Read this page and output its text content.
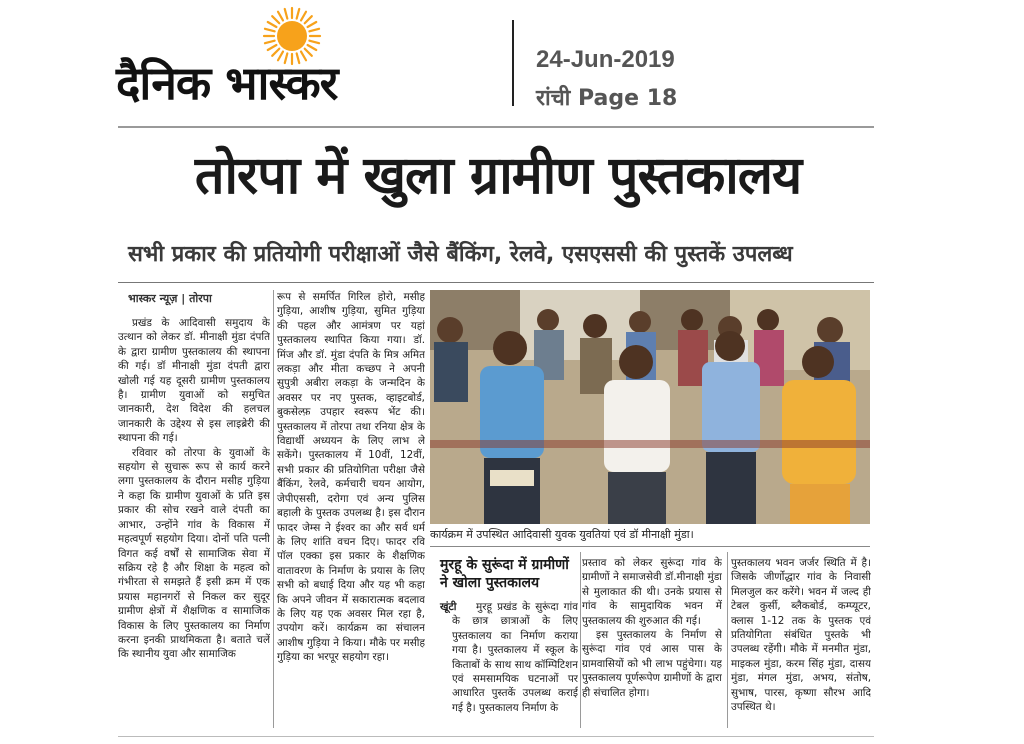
दैनिक भास्कर	24-Jun-2019
रांची Page 18
तोरपा में खुला ग्रामीण पुस्तकालय
सभी प्रकार की प्रतियोगी परीक्षाओं जैसे बैंकिंग, रेलवे, एसएससी की पुस्तकें उपलब्ध
भास्कर न्यूज़ | तोरपा

प्रखंड के आदिवासी समुदाय के उत्थान को लेकर डॉ. मीनाक्षी मुंडा दंपति के द्वारा ग्रामीण पुस्तकालय की स्थापना की गई। डॉ मीनाक्षी मुंडा दंपती द्वारा खोली गई यह दूसरी ग्रामीण पुस्तकालय है। ग्रामीण युवाओं को समुचित जानकारी, देश विदेश की हलचल जानकारी के उद्देश्य से इस लाइब्रेरी की स्थापना की गई।

रविवार को तोरपा के युवाओं के सहयोग से सुचारू रूप से कार्य करने लगा पुस्तकालय के दौरान मसीह गुड़िया ने कहा कि ग्रामीण युवाओं के प्रति इस प्रकार की सोच रखने वाले दंपती का आभार, उन्होंने गांव के विकास में महत्वपूर्ण सहयोग दिया। दोनों पति पत्नी विगत कई वर्षों से सामाजिक सेवा में सक्रिय रहे है और शिक्षा के महत्व को गंभीरता से समझते हैं इसी क्रम में एक प्रयास महानगरों से निकल कर सुदूर ग्रामीण क्षेत्रों में शैक्षणिक व सामाजिक विकास के लिए पुस्तकालय का निर्माण करना इनकी प्राथमिकता है। बताते चलें कि स्थानीय युवा और सामाजिक

रूप से समर्पित गिरिल होरो, मसीह गुड़िया, आशीष गुड़िया, सुमित गुड़िया की पहल और आमंत्रण पर यहां पुस्तकालय स्थापित किया गया। डॉ. मिंज और डॉ. मुंडा दंपति के मित्र अमित लकड़ा और मीता कच्छप ने अपनी सुपुत्री अबीरा लकड़ा के जन्मदिन के अवसर पर नए पुस्तक, व्हाइटबोर्ड, बुकसेल्फ़ उपहार स्वरूप भेंट की। पुस्तकालय में तोरपा तथा रनिया क्षेत्र के विद्यार्थी अध्ययन के लिए लाभ ले सकेंगे। पुस्तकालय में 10वीं, 12वीं, सभी प्रकार की प्रतियोगिता परीक्षा जैसे बैंकिंग, रेलवे, कर्मचारी चयन आयोग, जेपीएससी, दरोगा एवं अन्य पुलिस बहाली के पुस्तक उपलब्ध है। इस दौरान फादर जेम्स ने ईश्वर का और सर्व धर्म के लिए शांति वचन दिए। फादर रवि पॉल एक्का इस प्रकार के शैक्षणिक वातावरण के निर्माण के प्रयास के लिए सभी को बधाई दिया और यह भी कहा कि अपने जीवन में सकारात्मक बदलाव के लिए यह एक अवसर मिल रहा है, उपयोग करें। कार्यक्रम का संचालन आशीष गुड़िया ने किया। मौके पर मसीह गुड़िया का भरपूर सहयोग रहा।

कार्यक्रम में उपस्थित आदिवासी युवक युवतियां एवं डॉ मीनाक्षी मुंडा।
मुरहू के सुरूंदा में ग्रामीणों ने खोला पुस्तकालय
खूंटी	मुरहू प्रखंड के सुरूंदा गांव के छात्र छात्राओं के लिए पुस्तकालय का निर्माण कराया गया है। पुस्तकालय में स्कूल के किताबों के साथ साथ कॉम्पिटिशन एवं समसामयिक घटनाओं पर आधारित पुस्तकें उपलब्ध कराई गई है। पुस्तकालय निर्माण के

प्रस्ताव को लेकर सुरूंदा गांव के ग्रामीणों ने समाजसेवी डॉ.मीनाक्षी मुंडा से मुलाकात की थी। उनके प्रयास से गांव के सामुदायिक भवन में पुस्तकालय की शुरुआत की गई।

इस पुस्तकालय के निर्माण से सुरूंदा गांव एवं आस पास के ग्रामवासियों को भी लाभ पहुंचेगा। यह पुस्तकालय पूर्णरूपेण ग्रामीणों के द्वारा ही संचालित होगा।

पुस्तकालय भवन जर्जर स्थिति में है। जिसके जीर्णोद्धार गांव के निवासी मिलजुल कर करेंगे। भवन में जल्द ही टेबल कुर्सी, ब्लैकबोर्ड, कम्प्यूटर, क्लास 1-12 तक के पुस्तक एवं प्रतियोगिता संबंधित पुस्तके भी उपलब्ध रहेंगी। मौके में मनमीत मुंडा, माइकल मुंडा, करम सिंह मुंडा, दासय मुंडा, मंगल मुंडा, अभय, संतोष, सुभाष, पारस, कृष्णा सौरभ आदि उपस्थित थे।
